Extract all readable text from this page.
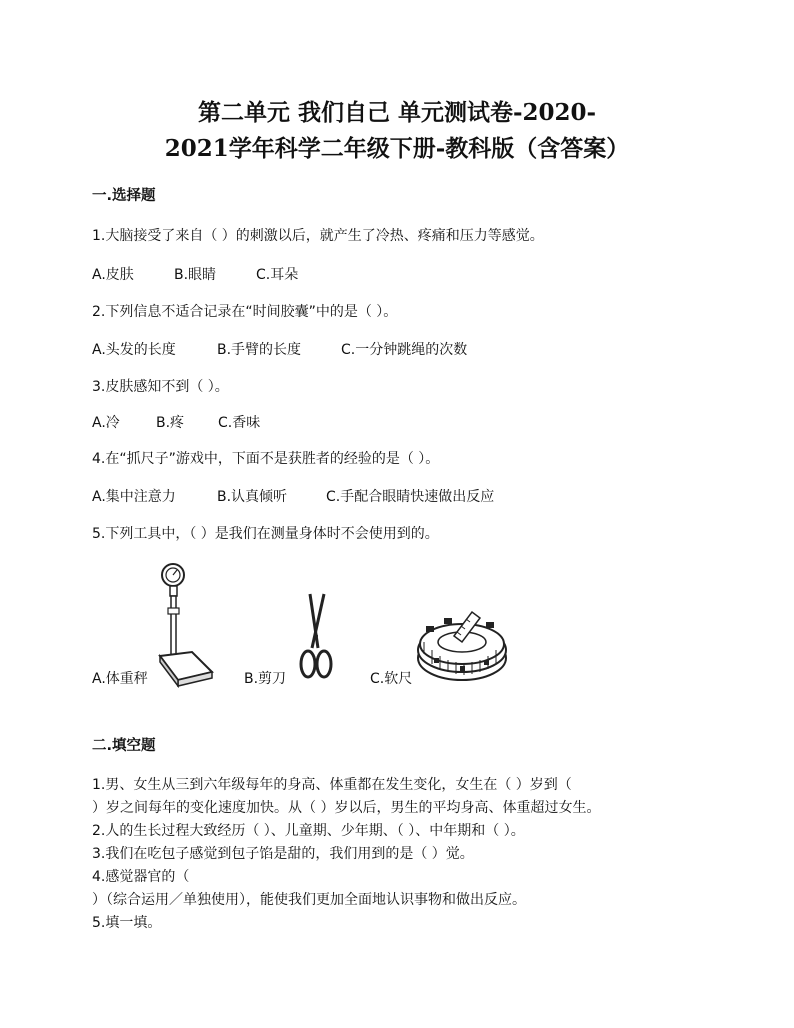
第二单元 我们自己 单元测试卷-2020-
2021学年科学二年级下册-教科版（含答案）
一.选择题
1.大脑接受了来自（ ）的刺激以后，就产生了冷热、疼痛和压力等感觉。
A.皮肤	B.眼睛	C.耳朵
2.下列信息不适合记录在“时间胶囊”中的是（ ）。
A.头发的长度	B.手臂的长度	C.一分钟跳绳的次数
3.皮肤感知不到（ ）。
A.冷	B.疼 C.香味
4.在“抓尺子”游戏中，下面不是获胜者的经验的是（ ）。
A.集中注意力	B.认真倾听	C.手配合眼睛快速做出反应
5.下列工具中，（ ）是我们在测量身体时不会使用到的。
A.体重秤	B.剪刀	C.软尺
二.填空题
1.男、女生从三到六年级每年的身高、体重都在发生变化，女生在（ ）岁到（
）岁之间每年的变化速度加快。从（ ）岁以后，男生的平均身高、体重超过女生。
2.人的生长过程大致经历（ ）、儿童期、少年期、（ ）、中年期和（ ）。
3.我们在吃包子感觉到包子馅是甜的，我们用到的是（ ）觉。
4.感觉器官的（
）（综合运用／单独使用），能使我们更加全面地认识事物和做出反应。
5.填一填。
